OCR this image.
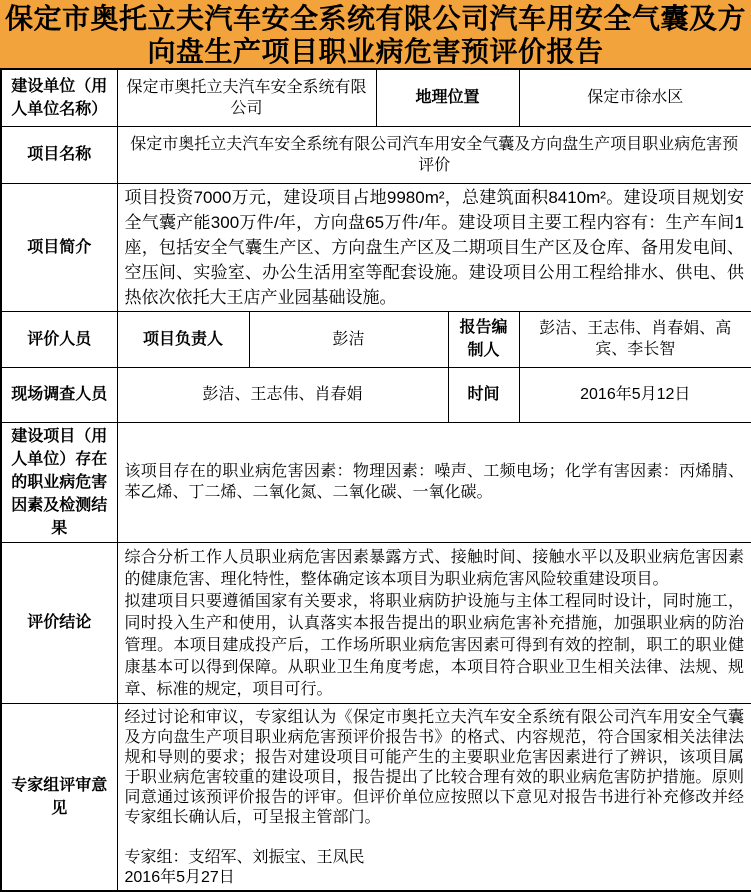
保定市奥托立夫汽车安全系统有限公司汽车用安全气囊及方向盘生产项目职业病危害预评价报告
建设单位（用人单位名称）	保定市奥托立夫汽车安全系统有限公司		地理位置		保定市徐水区
项目名称	保定市奥托立夫汽车安全系统有限公司汽车用安全气囊及方向盘生产项目职业病危害预评价				
项目简介	项目投资7000万元，建设项目占地9980m²，总建筑面积8410m²。建设项目规划安全气囊产能300万件/年，方向盘65万件/年。建设项目主要工程内容有：生产车间1座，包括安全气囊生产区、方向盘生产区及二期项目生产区及仓库、备用发电间、空压间、实验室、办公生活用室等配套设施。建设项目公用工程给排水、供电、供热依次依托大王店产业园基础设施。				
评价人员	项目负责人	彭洁		报告编制人	彭洁、王志伟、肖春娟、高宾、李长智
现场调查人员	彭洁、王志伟、肖春娟			时间	2016年5月12日
建设项目（用人单位）存在的职业病危害因素及检测结果	该项目存在的职业病危害因素：物理因素：噪声、工频电场；化学有害因素：丙烯腈、苯乙烯、丁二烯、二氧化氮、二氧化碳、一氧化碳。				
评价结论	综合分析工作人员职业病危害因素暴露方式、接触时间、接触水平以及职业病危害因素的健康危害、理化特性，整体确定该本项目为职业病危害风险较重建设项目。
拟建项目只要遵循国家有关要求，将职业病防护设施与主体工程同时设计，同时施工，同时投入生产和使用，认真落实本报告提出的职业病危害补充措施，加强职业病的防治管理。本项目建成投产后，工作场所职业病危害因素可得到有效的控制，职工的职业健康基本可以得到保障。从职业卫生角度考虑，本项目符合职业卫生相关法律、法规、规章、标准的规定，项目可行。				

专家组评审意见	经过讨论和审议，专家组认为《保定市奥托立夫汽车安全系统有限公司汽车用安全气囊及方向盘生产项目职业病危害预评价报告书》的格式、内容规范，符合国家相关法律法规和导则的要求；报告对建设项目可能产生的主要职业危害因素进行了辨识，该项目属于职业病危害较重的建设项目，报告提出了比较合理有效的职业病危害防护措施。原则同意通过该预评价报告的评审。但评价单位应按照以下意见对报告书进行补充修改并经专家组长确认后，可呈报主管部门。
专家组：支绍军、刘振宝、王凤民
2016年5月27日				
